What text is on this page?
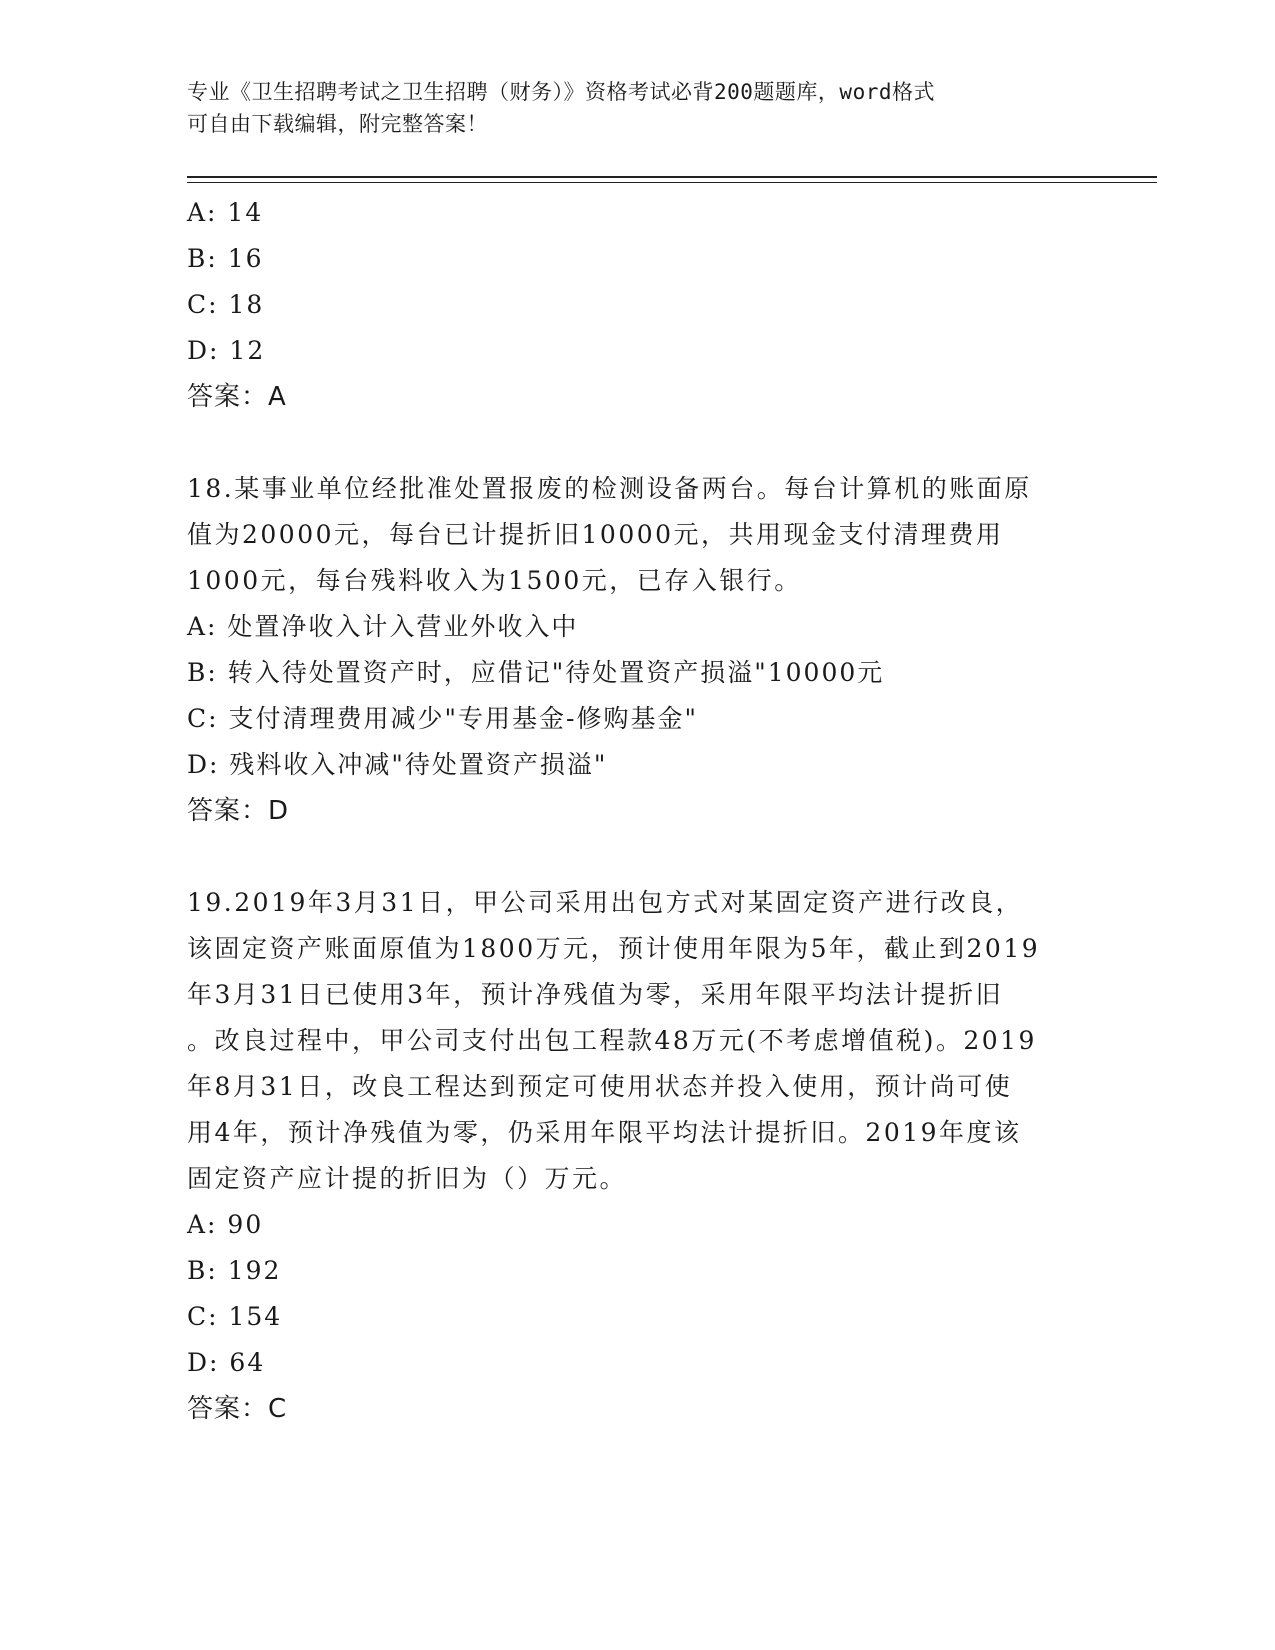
专业《卫生招聘考试之卫生招聘（财务）》资格考试必背200题题库，word格式
可自由下载编辑，附完整答案！
A: 14
B: 16
C: 18
D: 12
答案：A
18.某事业单位经批准处置报废的检测设备两台。每台计算机的账面原
值为20000元，每台已计提折旧10000元，共用现金支付清理费用
1000元，每台残料收入为1500元，已存入银行。
A: 处置净收入计入营业外收入中
B: 转入待处置资产时，应借记"待处置资产损溢"10000元
C: 支付清理费用减少"专用基金-修购基金"
D: 残料收入冲减"待处置资产损溢"
答案：D
19.2019年3月31日，甲公司采用出包方式对某固定资产进行改良，
该固定资产账面原值为1800万元，预计使用年限为5年，截止到2019
年3月31日已使用3年，预计净残值为零，采用年限平均法计提折旧
。改良过程中，甲公司支付出包工程款48万元(不考虑增值税)。2019
年8月31日，改良工程达到预定可使用状态并投入使用，预计尚可使
用4年，预计净残值为零，仍采用年限平均法计提折旧。2019年度该
固定资产应计提的折旧为（）万元。
A: 90
B: 192
C: 154
D: 64
答案：C
